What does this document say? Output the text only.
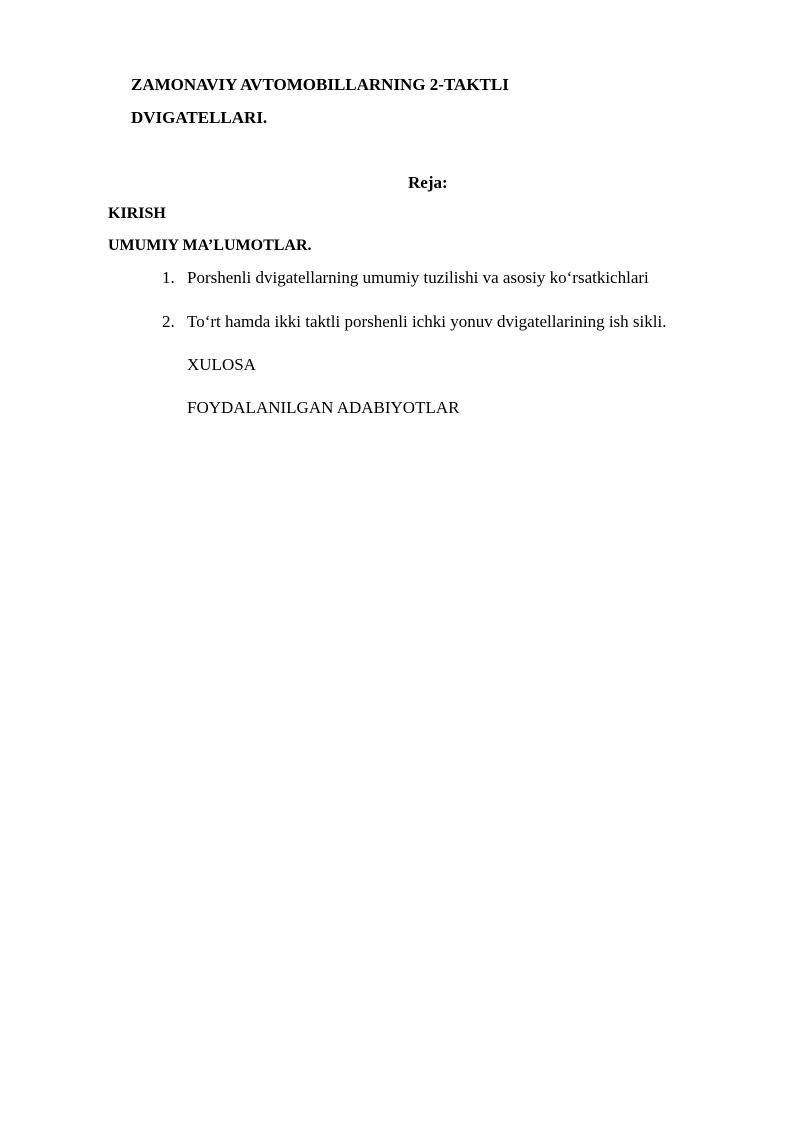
ZAMONAVIY AVTOMOBILLARNING 2-TAKTLI
DVIGATELLARI.
Reja:
KIRISH
UMUMIY MA’LUMOTLAR.
1. Porshenli dvigatellarning umumiy tuzilishi va asosiy ko‘rsatkichlari
2. To‘rt hamda ikki taktli porshenli ichki yonuv dvigatellarining ish sikli.
XULOSA
FOYDALANILGAN ADABIYOTLAR
